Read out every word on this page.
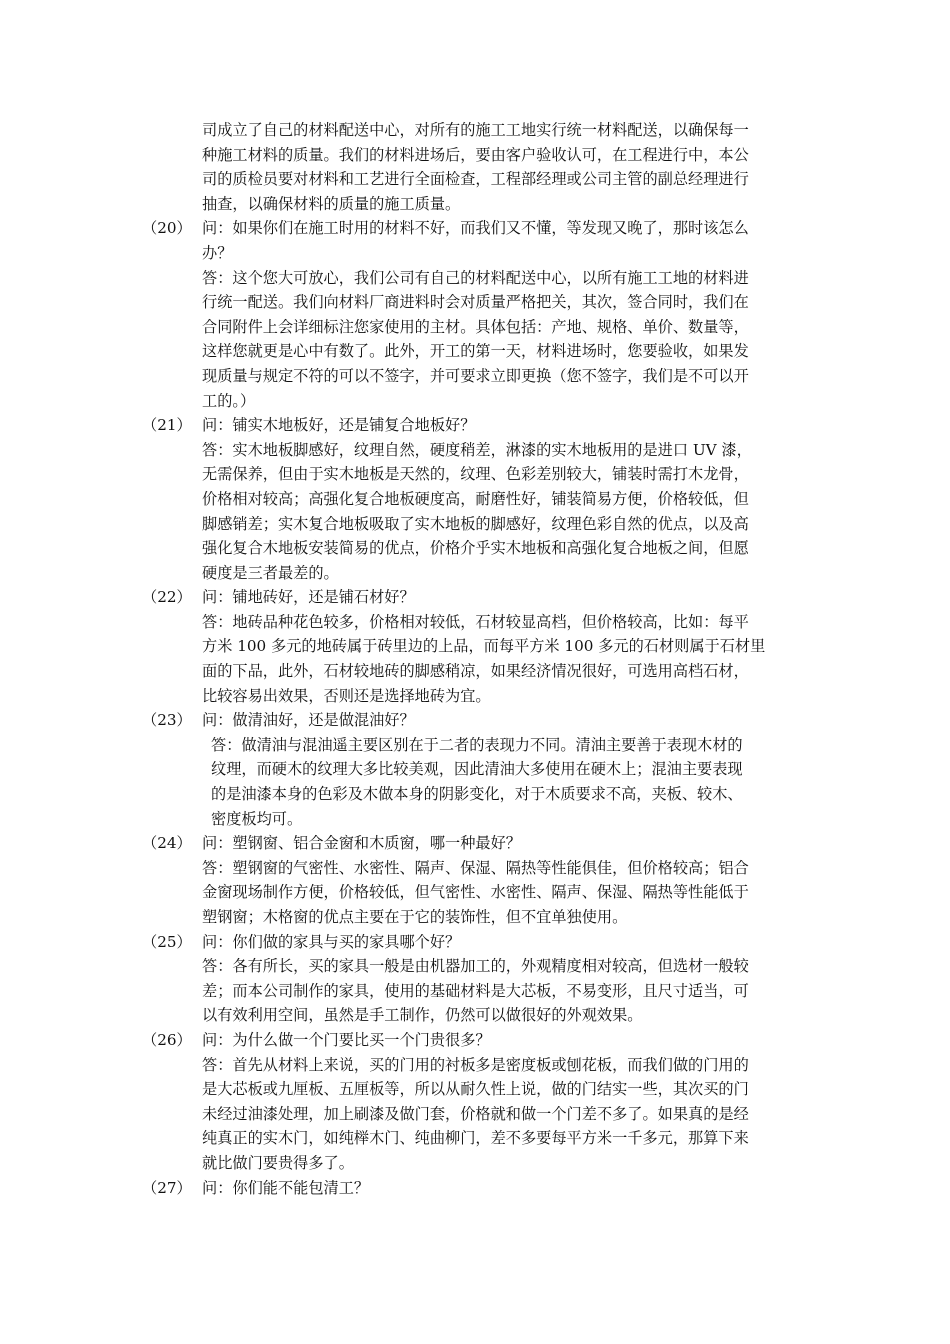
司成立了自己的材料配送中心，对所有的施工工地实行统一材料配送，以确保每一
种施工材料的质量。我们的材料进场后，要由客户验收认可，在工程进行中，本公
司的质检员要对材料和工艺进行全面检查，工程部经理或公司主管的副总经理进行
抽查，以确保材料的质量的施工质量。
（20） 问：如果你们在施工时用的材料不好，而我们又不懂，等发现又晚了，那时该怎么
办？
答：这个您大可放心，我们公司有自己的材料配送中心，以所有施工工地的材料进
行统一配送。我们向材料厂商进料时会对质量严格把关，其次，签合同时，我们在
合同附件上会详细标注您家使用的主材。具体包括：产地、规格、单价、数量等，
这样您就更是心中有数了。此外，开工的第一天，材料进场时，您要验收，如果发
现质量与规定不符的可以不签字，并可要求立即更换（您不签字，我们是不可以开
工的。）
（21） 问：铺实木地板好，还是铺复合地板好？
答：实木地板脚感好，纹理自然，硬度稍差，淋漆的实木地板用的是进口 UV 漆，
无需保养，但由于实木地板是天然的，纹理、色彩差别较大，铺装时需打木龙骨，
价格相对较高；高强化复合地板硬度高，耐磨性好，铺装简易方便，价格较低，但
脚感销差；实木复合地板吸取了实木地板的脚感好，纹理色彩自然的优点，以及高
强化复合木地板安装简易的优点，价格介乎实木地板和高强化复合地板之间，但愿
硬度是三者最差的。
（22） 问：铺地砖好，还是铺石材好？
答：地砖品种花色较多，价格相对较低，石材较显高档，但价格较高，比如：每平
方米 100 多元的地砖属于砖里边的上品，而每平方米 100 多元的石材则属于石材里
面的下品，此外，石材较地砖的脚感稍凉，如果经济情况很好，可选用高档石材，
比较容易出效果，否则还是选择地砖为宜。
（23） 问：做清油好，还是做混油好？
答：做清油与混油遥主要区别在于二者的表现力不同。清油主要善于表现木材的
纹理，而硬木的纹理大多比较美观，因此清油大多使用在硬木上；混油主要表现
的是油漆本身的色彩及木做本身的阴影变化，对于木质要求不高，夹板、较木、
密度板均可。
（24） 问：塑钢窗、铝合金窗和木质窗，哪一种最好？
答：塑钢窗的气密性、水密性、隔声、保湿、隔热等性能俱佳，但价格较高；铝合
金窗现场制作方便，价格较低，但气密性、水密性、隔声、保湿、隔热等性能低于
塑钢窗；木格窗的优点主要在于它的装饰性，但不宜单独使用。
（25） 问：你们做的家具与买的家具哪个好？
答：各有所长，买的家具一般是由机器加工的，外观精度相对较高，但选材一般较
差；而本公司制作的家具，使用的基础材料是大芯板，不易变形，且尺寸适当，可
以有效利用空间，虽然是手工制作，仍然可以做很好的外观效果。
（26） 问：为什么做一个门要比买一个门贵很多？
答：首先从材料上来说，买的门用的衬板多是密度板或刨花板，而我们做的门用的
是大芯板或九厘板、五厘板等，所以从耐久性上说，做的门结实一些，其次买的门
未经过油漆处理，加上刷漆及做门套，价格就和做一个门差不多了。如果真的是经
纯真正的实木门，如纯榉木门、纯曲柳门，差不多要每平方米一千多元，那算下来
就比做门要贵得多了。
（27） 问：你们能不能包清工？
